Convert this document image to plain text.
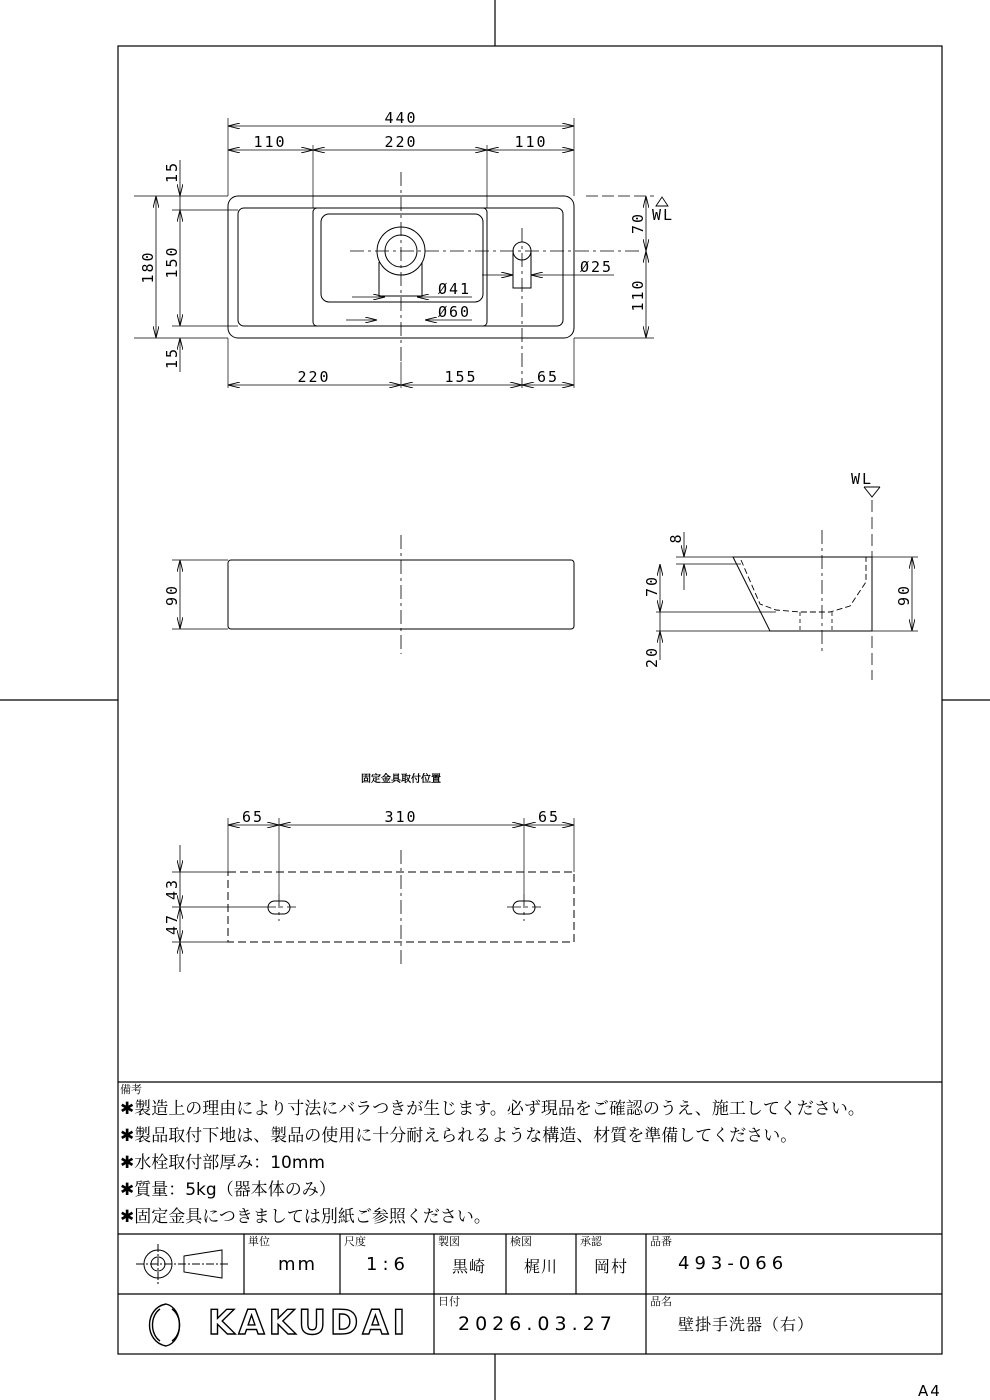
440
110	220	110
220	155	65
Ø25
Ø41
Ø60
WL
15
180 150
15
70
110
90
WL
8
70
20
90
固定金具取付位置
65	310	65
43
47
備考
✱製造上の理由により寸法にバラつきが生じます。必ず現品をご確認のうえ、施工してください。
✱製品取付下地は、製品の使用に十分耐えられるような構造、材質を準備してください。
✱水栓取付部厚み：10mm
✱質量：5kg（器本体のみ）
✱固定金具につきましては別紙ご参照ください。
単位
mm
尺度
1:6
製図
黒崎
検図
梶川
承認
岡村
品番
493-066
日付
2026.03.27
品名
壁掛手洗器（右）
KAKUDAI
A4
